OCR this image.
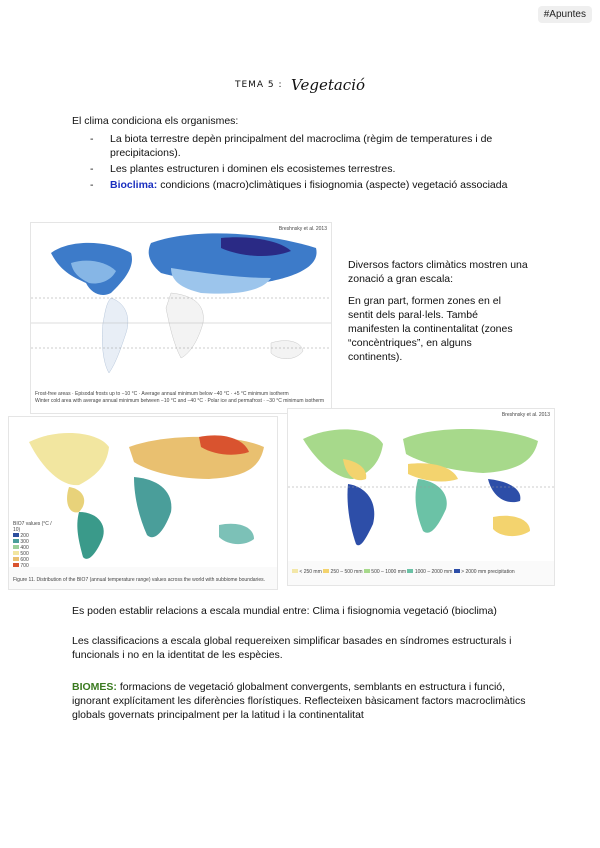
#Apuntes
TEMA 5 : Vegetació
El clima condiciona els organismes:
- La biota terrestre depèn principalment del macroclima (règim de temperatures i de precipitacions).
- Les plantes estructuren i dominen els ecosistemes terrestres.
- Bioclima: condicions (macro)climàtiques i fisiognomia (aspecte) vegetació associada
Breshnsky et al. 2013
Frost-free areas · Episodal frosts up to −10 °C · Average annual minimum below −40 °C · +5 °C minimum isotherm
Winter cold area with average annual minimum between −10 °C and −40 °C · Polar ice and permafrost · −30 °C minimum isotherm

Diversos factors climàtics mostren una zonació a gran escala:

En gran part, formen zones en el sentit dels paral·lels. També manifesten la continentalitat (zones “concèntriques”, en alguns continents).

BIO7 values (°C / 10)
200
300
400
500
600
700
Figure 11. Distribution of the BIO7 (annual temperature range) values across the world with subbiome boundaries.
Breshnsky et al. 2013
< 250 mm 250 – 500 mm 500 – 1000 mm 1000 – 2000 mm > 2000 mm precipitation
Es poden establir relacions a escala mundial entre: Clima i fisiognomia vegetació (bioclima)
Les classificacions a escala global requereixen simplificar basades en síndromes estructurals i funcionals i no en la identitat de les espècies.
BIOMES: formacions de vegetació globalment convergents, semblants en estructura i funció, ignorant explícitament les diferències florístiques. Reflecteixen bàsicament factors macroclimàtics globals governats principalment per la latitud i la continentalitat
